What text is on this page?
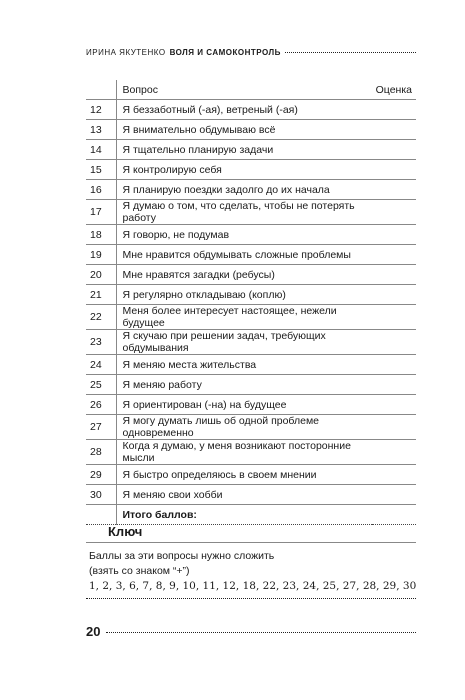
ИРИНА ЯКУТЕНКО ВОЛЯ И САМОКОНТРОЛЬ
	Вопрос	Оценка
12	Я беззаботный (-ая), ветреный (-ая)	
13	Я внимательно обдумываю всё	
14	Я тщательно планирую задачи	
15	Я контролирую себя	
16	Я планирую поездки задолго до их начала	
17	Я думаю о том, что сделать, чтобы не потерять работу	
18	Я говорю, не подумав	
19	Мне нравится обдумывать сложные проблемы	
20	Мне нравятся загадки (ребусы)	
21	Я регулярно откладываю (коплю)	
22	Меня более интересует настоящее, нежели будущее	
23	Я скучаю при решении задач, требующих обдумывания	
24	Я меняю места жительства	
25	Я меняю работу	
26	Я ориентирован (-на) на будущее	
27	Я могу думать лишь об одной проблеме одновременно	
28	Когда я думаю, у меня возникают посторонние мысли	
29	Я быстро определяюсь в своем мнении	
30	Я меняю свои хобби	
	Итого баллов:	
Ключ
Баллы за эти вопросы нужно сложить
(взять со знаком “+”)
1, 2, 3, 6, 7, 8, 9, 10, 11, 12, 18, 22, 23, 24, 25, 27, 28, 29, 30
20
